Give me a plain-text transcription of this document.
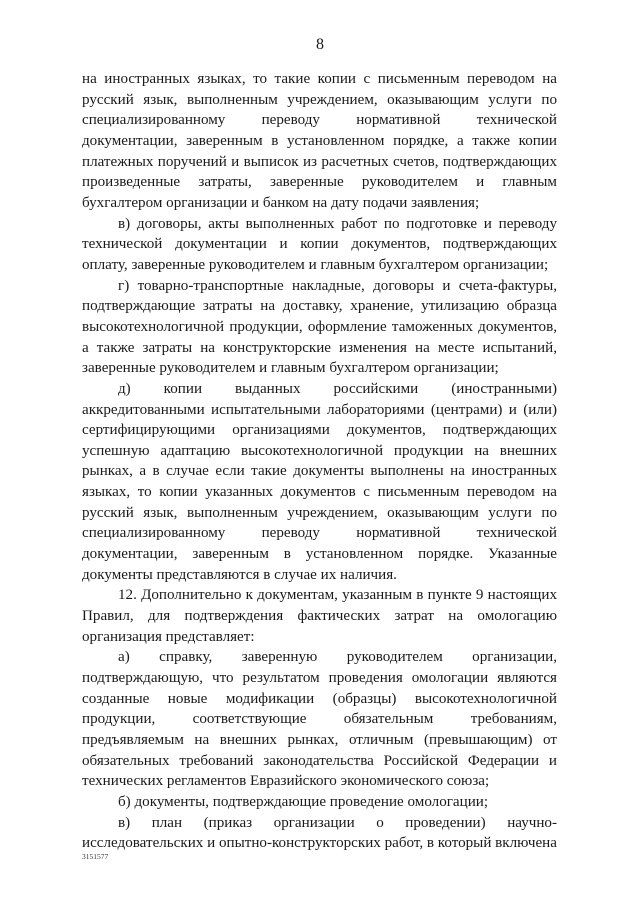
8

на иностранных языках, то такие копии с письменным переводом на русский язык, выполненным учреждением, оказывающим услуги по специализированному переводу нормативной технической документации, заверенным в установленном порядке, а также копии платежных поручений и выписок из расчетных счетов, подтверждающих произведенные затраты, заверенные руководителем и главным бухгалтером организации и банком на дату подачи заявления;

в) договоры, акты выполненных работ по подготовке и переводу технической документации и копии документов, подтверждающих оплату, заверенные руководителем и главным бухгалтером организации;

г) товарно-транспортные накладные, договоры и счета-фактуры, подтверждающие затраты на доставку, хранение, утилизацию образца высокотехнологичной продукции, оформление таможенных документов, а также затраты на конструкторские изменения на месте испытаний, заверенные руководителем и главным бухгалтером организации;

д) копии выданных российскими (иностранными) аккредитованными испытательными лабораториями (центрами) и (или) сертифицирующими организациями документов, подтверждающих успешную адаптацию высокотехнологичной продукции на внешних рынках, а в случае если такие документы выполнены на иностранных языках, то копии указанных документов с письменным переводом на русский язык, выполненным учреждением, оказывающим услуги по специализированному переводу нормативной технической документации, заверенным в установленном порядке. Указанные документы представляются в случае их наличия.

12. Дополнительно к документам, указанным в пункте 9 настоящих Правил, для подтверждения фактических затрат на омологацию организация представляет:

а) справку, заверенную руководителем организации, подтверждающую, что результатом проведения омологации являются созданные новые модификации (образцы) высокотехнологичной продукции, соответствующие обязательным требованиям, предъявляемым на внешних рынках, отличным (превышающим) от обязательных требований законодательства Российской Федерации и технических регламентов Евразийского экономического союза;

б) документы, подтверждающие проведение омологации;

в) план (приказ организации о проведении) научно-исследовательских и опытно-конструкторских работ, в который включена

3151577
